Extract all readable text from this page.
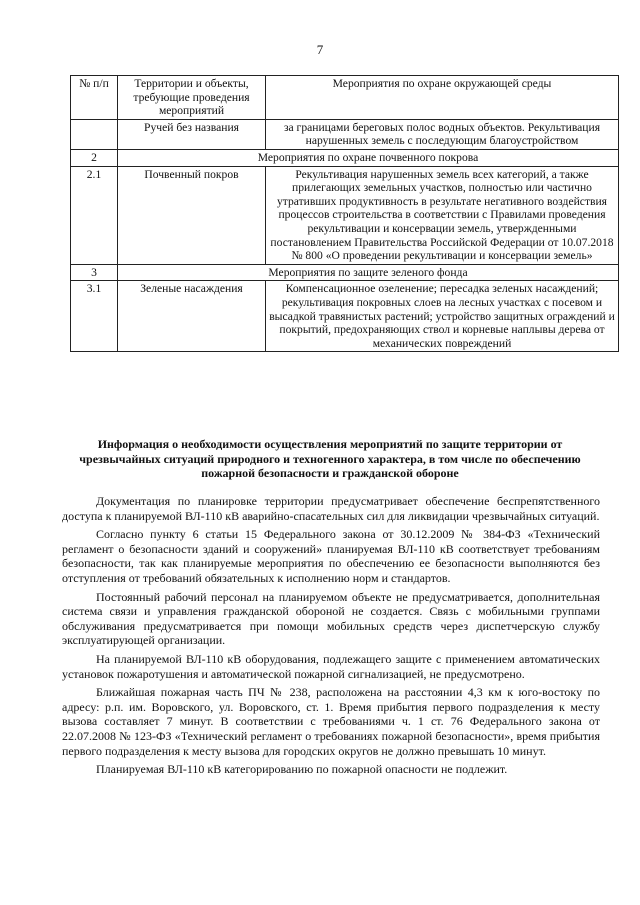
7
№ п/п	Территории и объекты, требующие проведения мероприятий	Мероприятия по охране окружающей среды
	Ручей без названия	за границами береговых полос водных объектов. Рекультивация нарушенных земель с последующим благоустройством
2	Мероприятия по охране почвенного покрова	
2.1	Почвенный покров	Рекультивация нарушенных земель всех категорий, а также прилегающих земельных участков, полностью или частично утративших продуктивность в результате негативного воздействия процессов строительства в соответствии с Правилами проведения рекультивации и консервации земель, утвержденными постановлением Правительства Российской Федерации от 10.07.2018 № 800 «О проведении рекультивации и консервации земель»
3	Мероприятия по защите зеленого фонда	
3.1	Зеленые насаждения	Компенсационное озеленение; пересадка зеленых насаждений; рекультивация покровных слоев на лесных участках с посевом и высадкой травянистых растений; устройство защитных ограждений и покрытий, предохраняющих ствол и корневые наплывы дерева от механических повреждений
Информация о необходимости осуществления мероприятий по защите территории от чрезвычайных ситуаций природного и техногенного характера, в том числе по обеспечению пожарной безопасности и гражданской обороне

Документация по планировке территории предусматривает обеспечение беспрепятственного доступа к планируемой ВЛ-110 кВ аварийно-спасательных сил для ликвидации чрезвычайных ситуаций.

Согласно пункту 6 статьи 15 Федерального закона от 30.12.2009 № 384-ФЗ «Технический регламент о безопасности зданий и сооружений» планируемая ВЛ-110 кВ соответствует требованиям безопасности, так как планируемые мероприятия по обеспечению ее безопасности выполняются без отступления от требований обязательных к исполнению норм и стандартов.

Постоянный рабочий персонал на планируемом объекте не предусматривается, дополнительная система связи и управления гражданской обороной не создается. Связь с мобильными группами обслуживания предусматривается при помощи мобильных средств через диспетчерскую службу эксплуатирующей организации.

На планируемой ВЛ-110 кВ оборудования, подлежащего защите с применением автоматических установок пожаротушения и автоматической пожарной сигнализацией, не предусмотрено.

Ближайшая пожарная часть ПЧ № 238, расположена на расстоянии 4,3 км к юго-востоку по адресу: р.п. им. Воровского, ул. Воровского, ст. 1. Время прибытия первого подразделения к месту вызова составляет 7 минут. В соответствии с требованиями ч. 1 ст. 76 Федерального закона от 22.07.2008 № 123-ФЗ «Технический регламент о требованиях пожарной безопасности», время прибытия первого подразделения к месту вызова для городских округов не должно превышать 10 минут.

Планируемая ВЛ-110 кВ категорированию по пожарной опасности не подлежит.
